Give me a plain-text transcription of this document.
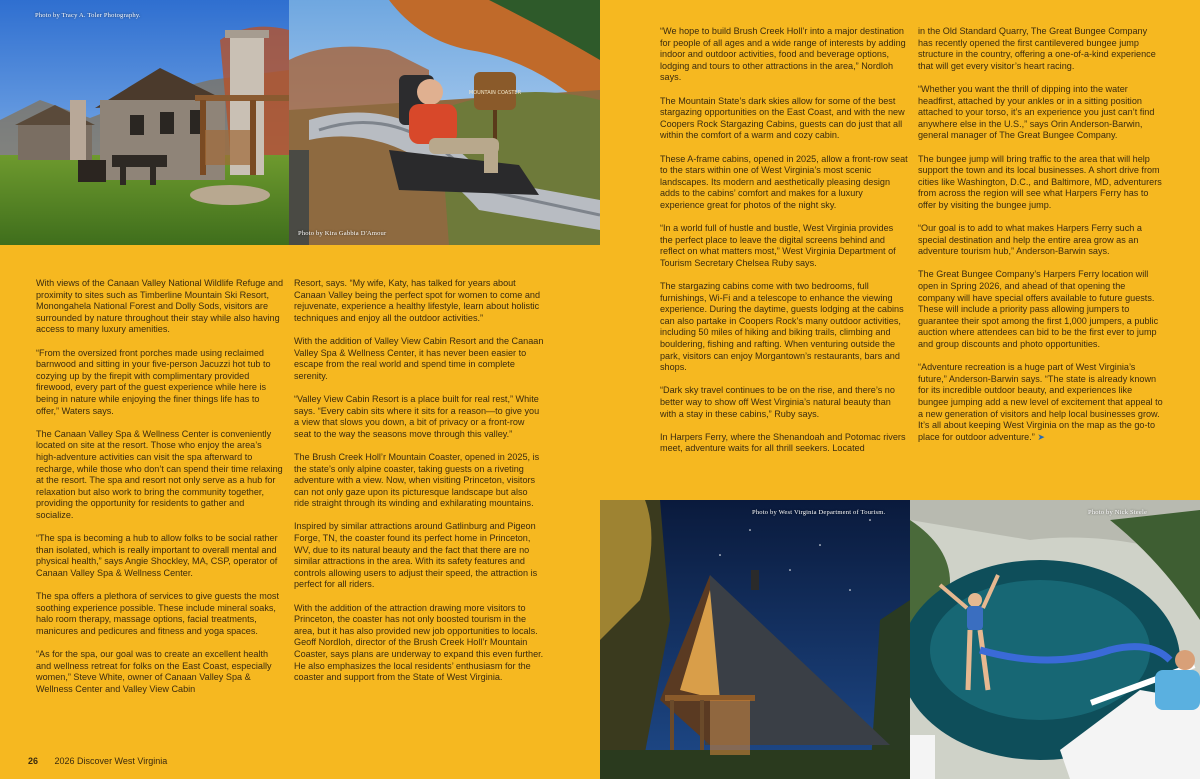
Photo by Tracy A. Toler Photography.
MOUNTAIN COASTER
Photo by Kira Gabbia D'Amour
Photo by West Virginia Department of Tourism.	Photo by Nick Steele

With views of the Canaan Valley National Wildlife Refuge and proximity to sites such as Timberline Mountain Ski Resort, Monongahela National Forest and Dolly Sods, visitors are surrounded by nature throughout their stay while also having access to many luxury amenities.

“From the oversized front porches made using reclaimed barnwood and sitting in your five-person Jacuzzi hot tub to cozying up by the firepit with complimentary provided firewood, every part of the guest experience while here is being in nature while enjoying the finer things life has to offer,” Waters says.

The Canaan Valley Spa & Wellness Center is conveniently located on site at the resort. Those who enjoy the area’s high-adventure activities can visit the spa afterward to recharge, while those who don’t can spend their time relaxing at the resort. The spa and resort not only serve as a hub for relaxation but also work to bring the community together, providing the opportunity for residents to gather and socialize.

“The spa is becoming a hub to allow folks to be social rather than isolated, which is really important to overall mental and physical health,” says Angie Shockley, MA, CSP, operator of Canaan Valley Spa & Wellness Center.

The spa offers a plethora of services to give guests the most soothing experience possible. These include mineral soaks, halo room therapy, massage options, facial treatments, manicures and pedicures and fitness and yoga spaces.

“As for the spa, our goal was to create an excellent health and wellness retreat for folks on the East Coast, especially women,” Steve White, owner of Canaan Valley Spa & Wellness Center and Valley View Cabin

Resort, says. “My wife, Katy, has talked for years about Canaan Valley being the perfect spot for women to come and rejuvenate, experience a healthy lifestyle, learn about holistic techniques and enjoy all the outdoor activities.”

With the addition of Valley View Cabin Resort and the Canaan Valley Spa & Wellness Center, it has never been easier to escape from the real world and spend time in complete serenity.

“Valley View Cabin Resort is a place built for real rest,” White says. “Every cabin sits where it sits for a reason—to give you a view that slows you down, a bit of privacy or a front-row seat to the way the seasons move through this valley.”

The Brush Creek Holl’r Mountain Coaster, opened in 2025, is the state’s only alpine coaster, taking guests on a riveting adventure with a view. Now, when visiting Princeton, visitors can not only gaze upon its picturesque landscape but also ride straight through its winding and exhilarating mountains.

Inspired by similar attractions around Gatlinburg and Pigeon Forge, TN, the coaster found its perfect home in Princeton, WV, due to its natural beauty and the fact that there are no similar attractions in the area. With its safety features and controls allowing users to adjust their speed, the attraction is perfect for all riders.

With the addition of the attraction drawing more visitors to Princeton, the coaster has not only boosted tourism in the area, but it has also provided new job opportunities to locals. Geoff Nordloh, director of the Brush Creek Holl’r Mountain Coaster, says plans are underway to expand this even further. He also emphasizes the local residents’ enthusiasm for the coaster and support from the State of West Virginia.

“We hope to build Brush Creek Holl’r into a major destination for people of all ages and a wide range of interests by adding indoor and outdoor activities, food and beverage options, lodging and tours to other attractions in the area,” Nordloh says.

The Mountain State’s dark skies allow for some of the best stargazing opportunities on the East Coast, and with the new Coopers Rock Stargazing Cabins, guests can do just that all within the comfort of a warm and cozy cabin.

These A-frame cabins, opened in 2025, allow a front-row seat to the stars within one of West Virginia’s most scenic landscapes. Its modern and aesthetically pleasing design adds to the cabins’ comfort and makes for a luxury experience great for photos of the night sky.

“In a world full of hustle and bustle, West Virginia provides the perfect place to leave the digital screens behind and reflect on what matters most,” West Virginia Department of Tourism Secretary Chelsea Ruby says.

The stargazing cabins come with two bedrooms, full furnishings, Wi-Fi and a telescope to enhance the viewing experience. During the daytime, guests lodging at the cabins can also partake in Coopers Rock’s many outdoor activities, including 50 miles of hiking and biking trails, climbing and bouldering, fishing and rafting. When venturing outside the park, visitors can enjoy Morgantown’s restaurants, bars and shops.

“Dark sky travel continues to be on the rise, and there’s no better way to show off West Virginia’s natural beauty than with a stay in these cabins,” Ruby says.

In Harpers Ferry, where the Shenandoah and Potomac rivers meet, adventure waits for all thrill seekers. Located

in the Old Standard Quarry, The Great Bungee Company has recently opened the first cantilevered bungee jump structure in the country, offering a one-of-a-kind experience that will get every visitor’s heart racing.

“Whether you want the thrill of dipping into the water headfirst, attached by your ankles or in a sitting position attached to your torso, it’s an experience you just can’t find anywhere else in the U.S.,” says Orin Anderson-Barwin, general manager of The Great Bungee Company.

The bungee jump will bring traffic to the area that will help support the town and its local businesses. A short drive from cities like Washington, D.C., and Baltimore, MD, adventurers from across the region will see what Harpers Ferry has to offer by visiting the bungee jump.

“Our goal is to add to what makes Harpers Ferry such a special destination and help the entire area grow as an adventure tourism hub,” Anderson-Barwin says.

The Great Bungee Company’s Harpers Ferry location will open in Spring 2026, and ahead of that opening the company will have special offers available to future guests. These will include a priority pass allowing jumpers to guarantee their spot among the first 1,000 jumpers, a public auction where attendees can bid to be the first ever to jump and group discounts and photo opportunities.

“Adventure recreation is a huge part of West Virginia’s future,” Anderson-Barwin says. “The state is already known for its incredible outdoor beauty, and experiences like bungee jumping add a new level of excitement that appeal to a new generation of visitors and help local businesses grow. It’s all about keeping West Virginia on the map as the go-to place for outdoor adventure.” ➤

26 2026 Discover West Virginia
